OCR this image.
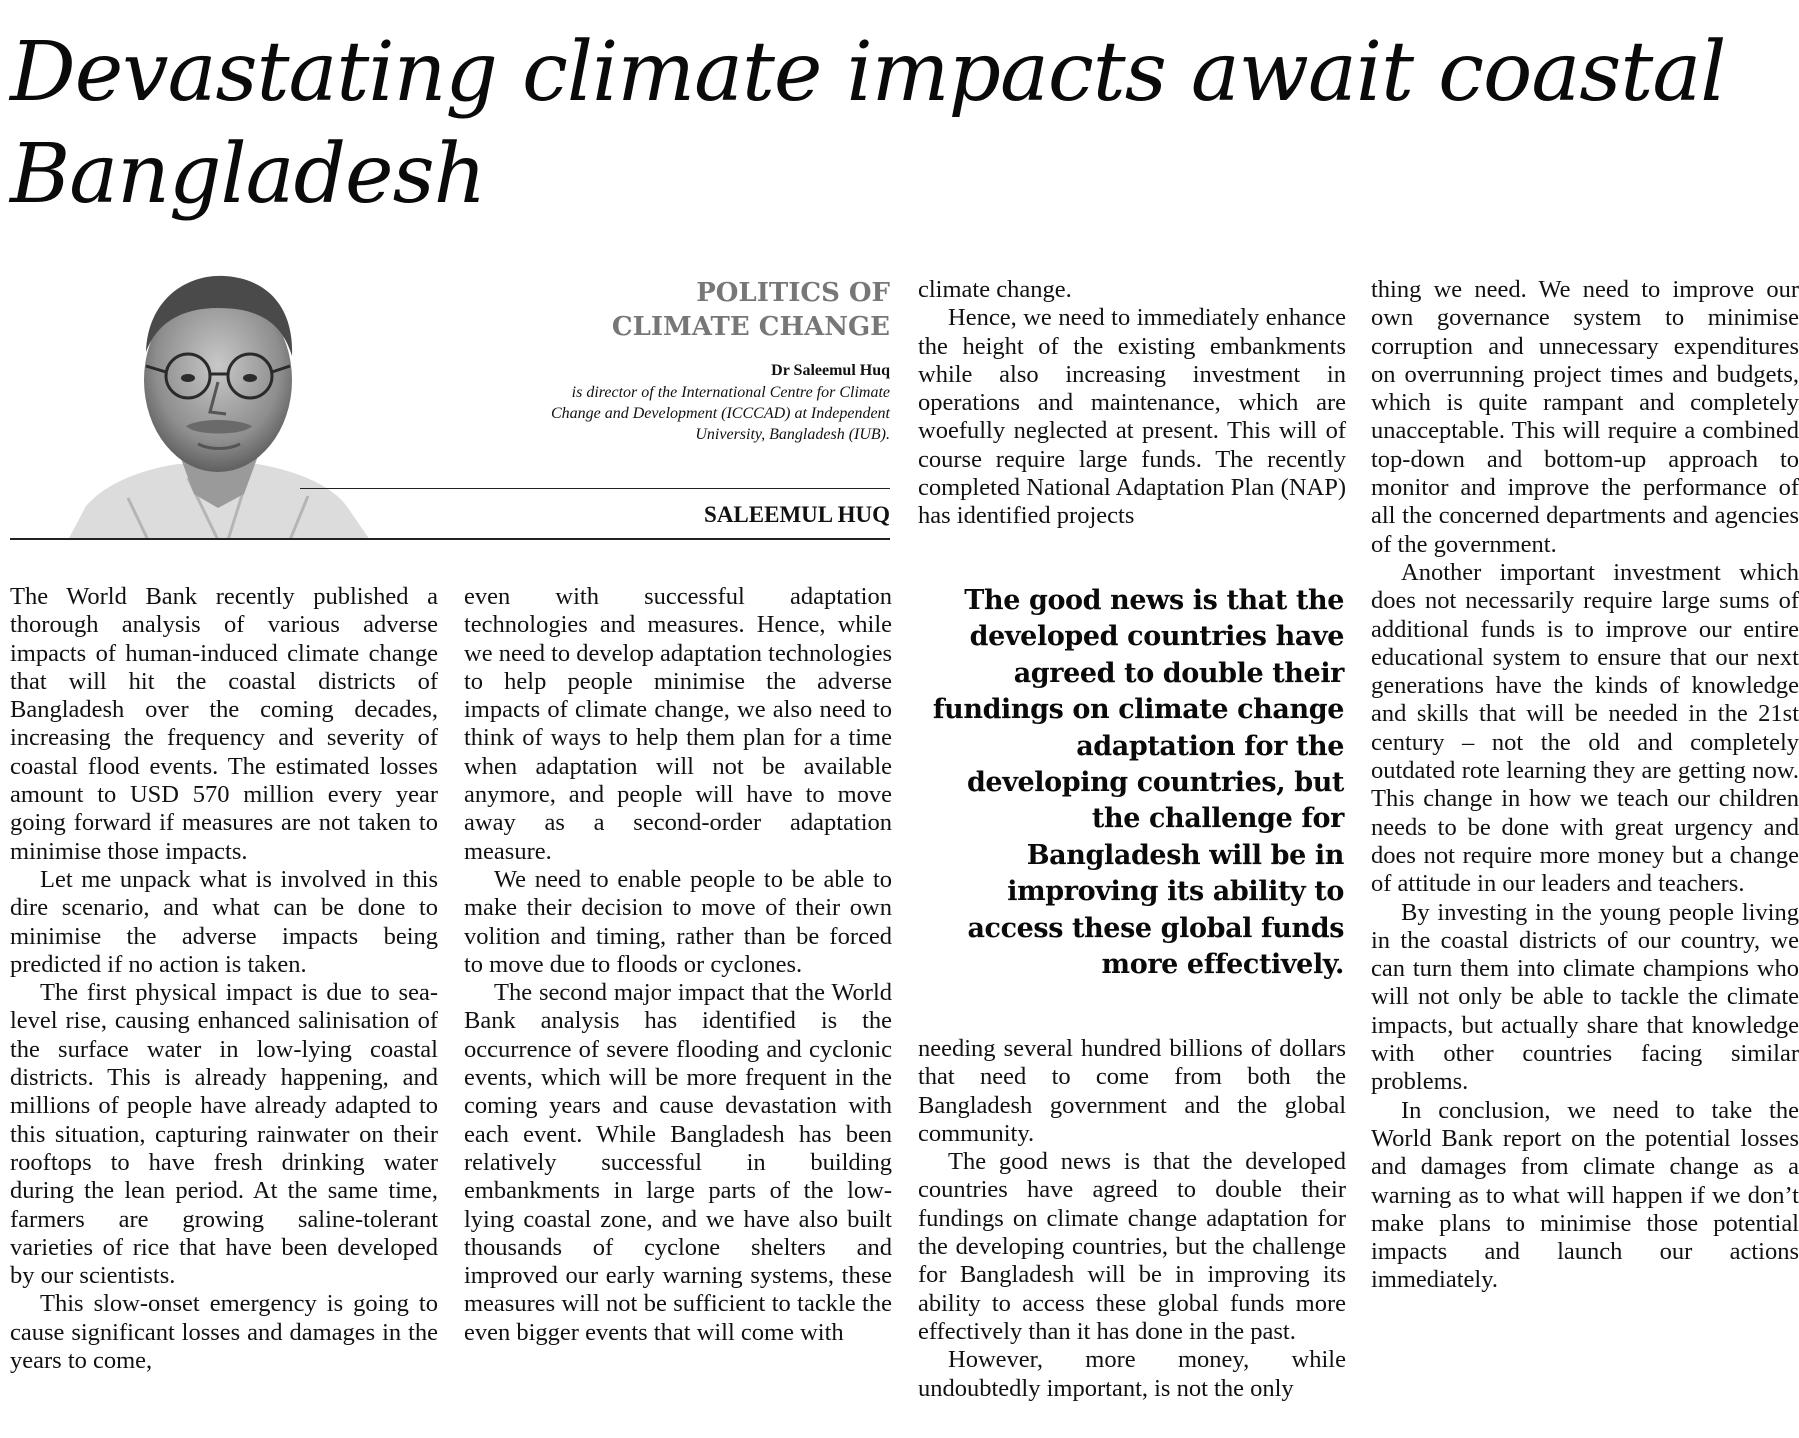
Devastating climate impacts await coastal Bangladesh
POLITICS OF
CLIMATE CHANGE
Dr Saleemul Huq
is director of the International Centre for Climate Change and Development (ICCCAD) at Independent University, Bangladesh (IUB).
SALEEMUL HUQ

The World Bank recently published a thorough analysis of various adverse impacts of human-induced climate change that will hit the coastal districts of Bangladesh over the coming decades, increasing the frequency and severity of coastal flood events. The estimated losses amount to USD 570 million every year going forward if measures are not taken to minimise those impacts.

Let me unpack what is involved in this dire scenario, and what can be done to minimise the adverse impacts being predicted if no action is taken.

The first physical impact is due to sea-level rise, causing enhanced salinisation of the surface water in low-lying coastal districts. This is already happening, and millions of people have already adapted to this situation, capturing rainwater on their rooftops to have fresh drinking water during the lean period. At the same time, farmers are growing saline-tolerant varieties of rice that have been developed by our scientists.

This slow-onset emergency is going to cause significant losses and damages in the years to come,

even with successful adaptation technologies and measures. Hence, while we need to develop adaptation technologies to help people minimise the adverse impacts of climate change, we also need to think of ways to help them plan for a time when adaptation will not be available anymore, and people will have to move away as a second-order adaptation measure.

We need to enable people to be able to make their decision to move of their own volition and timing, rather than be forced to move due to floods or cyclones.

The second major impact that the World Bank analysis has identified is the occurrence of severe flooding and cyclonic events, which will be more frequent in the coming years and cause devastation with each event. While Bangladesh has been relatively successful in building embankments in large parts of the low-lying coastal zone, and we have also built thousands of cyclone shelters and improved our early warning systems, these measures will not be sufficient to tackle the even bigger events that will come with

climate change.

Hence, we need to immediately enhance the height of the existing embankments while also increasing investment in operations and maintenance, which are woefully neglected at present. This will of course require large funds. The recently completed National Adaptation Plan (NAP) has identified projects

The good news is that the developed countries have agreed to double their fundings on climate change adaptation for the developing countries, but the challenge for Bangladesh will be in improving its ability to access these global funds more effectively.

needing several hundred billions of dollars that need to come from both the Bangladesh government and the global community.

The good news is that the developed countries have agreed to double their fundings on climate change adaptation for the developing countries, but the challenge for Bangladesh will be in improving its ability to access these global funds more effectively than it has done in the past.

However, more money, while undoubtedly important, is not the only

thing we need. We need to improve our own governance system to minimise corruption and unnecessary expenditures on overrunning project times and budgets, which is quite rampant and completely unacceptable. This will require a combined top-down and bottom-up approach to monitor and improve the performance of all the concerned departments and agencies of the government.

Another important investment which does not necessarily require large sums of additional funds is to improve our entire educational system to ensure that our next generations have the kinds of knowledge and skills that will be needed in the 21st century – not the old and completely outdated rote learning they are getting now. This change in how we teach our children needs to be done with great urgency and does not require more money but a change of attitude in our leaders and teachers.

By investing in the young people living in the coastal districts of our country, we can turn them into climate champions who will not only be able to tackle the climate impacts, but actually share that knowledge with other countries facing similar problems.

In conclusion, we need to take the World Bank report on the potential losses and damages from climate change as a warning as to what will happen if we don’t make plans to minimise those potential impacts and launch our actions immediately.
